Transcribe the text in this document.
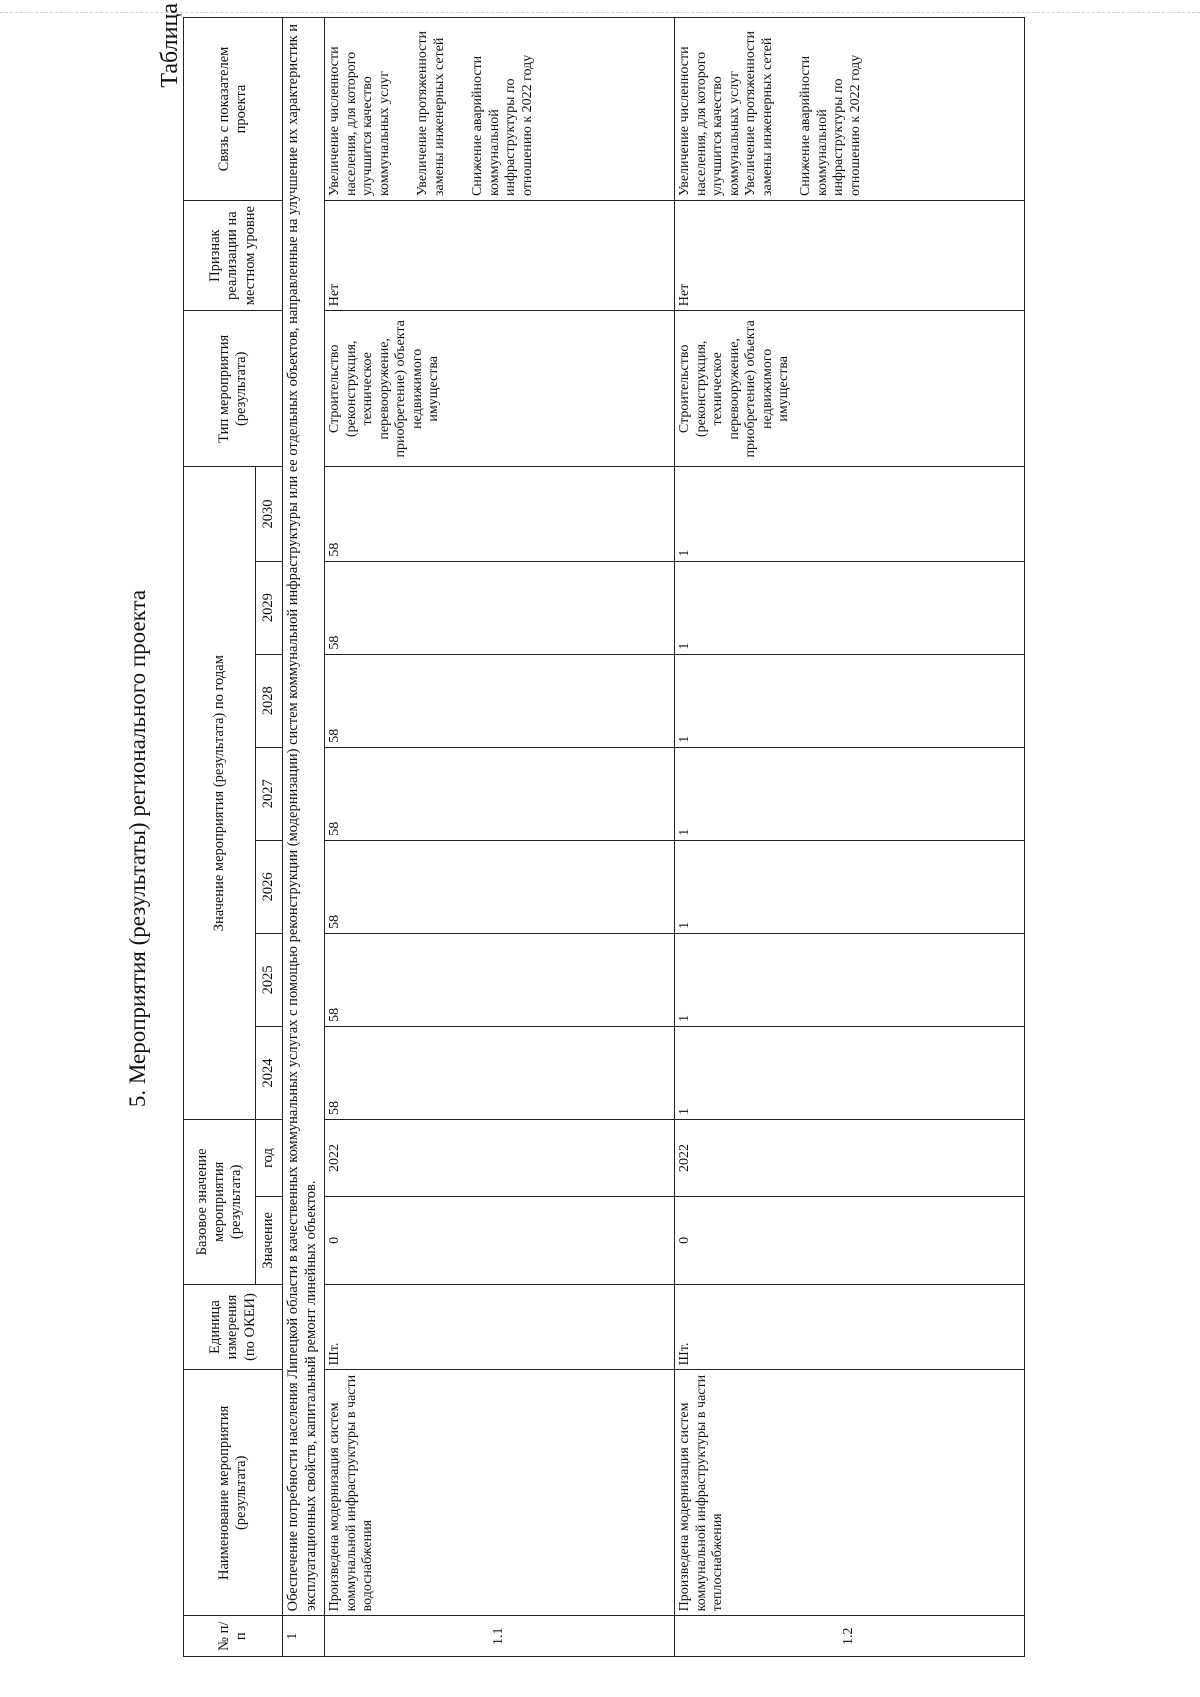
Таблица
5. Мероприятия (результаты) регионального проекта
№ п/п	Наименование мероприятия (результата)	Единица измерения (по ОКЕИ)	Базовое значение мероприятия (результата)		Значение мероприятия (результата) по годам							Тип мероприятия (результата)	Признак реализации на местном уровне	Связь с показателем проекта
			Значение	год	2024	2025	2026	2027	2028	2029	2030			
1	Обеспечение потребности населения Липецкой области в качественных коммунальных услугах с помощью реконструкции (модернизации) систем коммунальной инфраструктуры или ее отдельных объектов, направленные на улучшение их характеристик и эксплуатационных свойств, капитальный ремонт линейных объектов.													
1.1	Произведена модернизация систем коммунальной инфраструктуры в части водоснабжения	Шт.	0	2022	58	58	58	58	58	58	58	Строительство (реконструкция, техническое перевооружение, приобретение) объекта недвижимого имущества	Нет	Увеличение численности населения, для которого улучшится качество коммунальных услуг Увеличение протяженности замены инженерных сетей Снижение аварийности коммунальной инфраструктуры по отношению к 2022 году

1.2	Произведена модернизация систем коммунальной инфраструктуры в части теплоснабжения	Шт.	0	2022	1	1	1	1	1	1	1	Строительство (реконструкция, техническое перевооружение, приобретение) объекта недвижимого имущества	Нет	Увеличение численности населения, для которого улучшится качество коммунальных услуг Увеличение протяженности замены инженерных сетей Снижение аварийности коммунальной инфраструктуры по отношению к 2022 году
